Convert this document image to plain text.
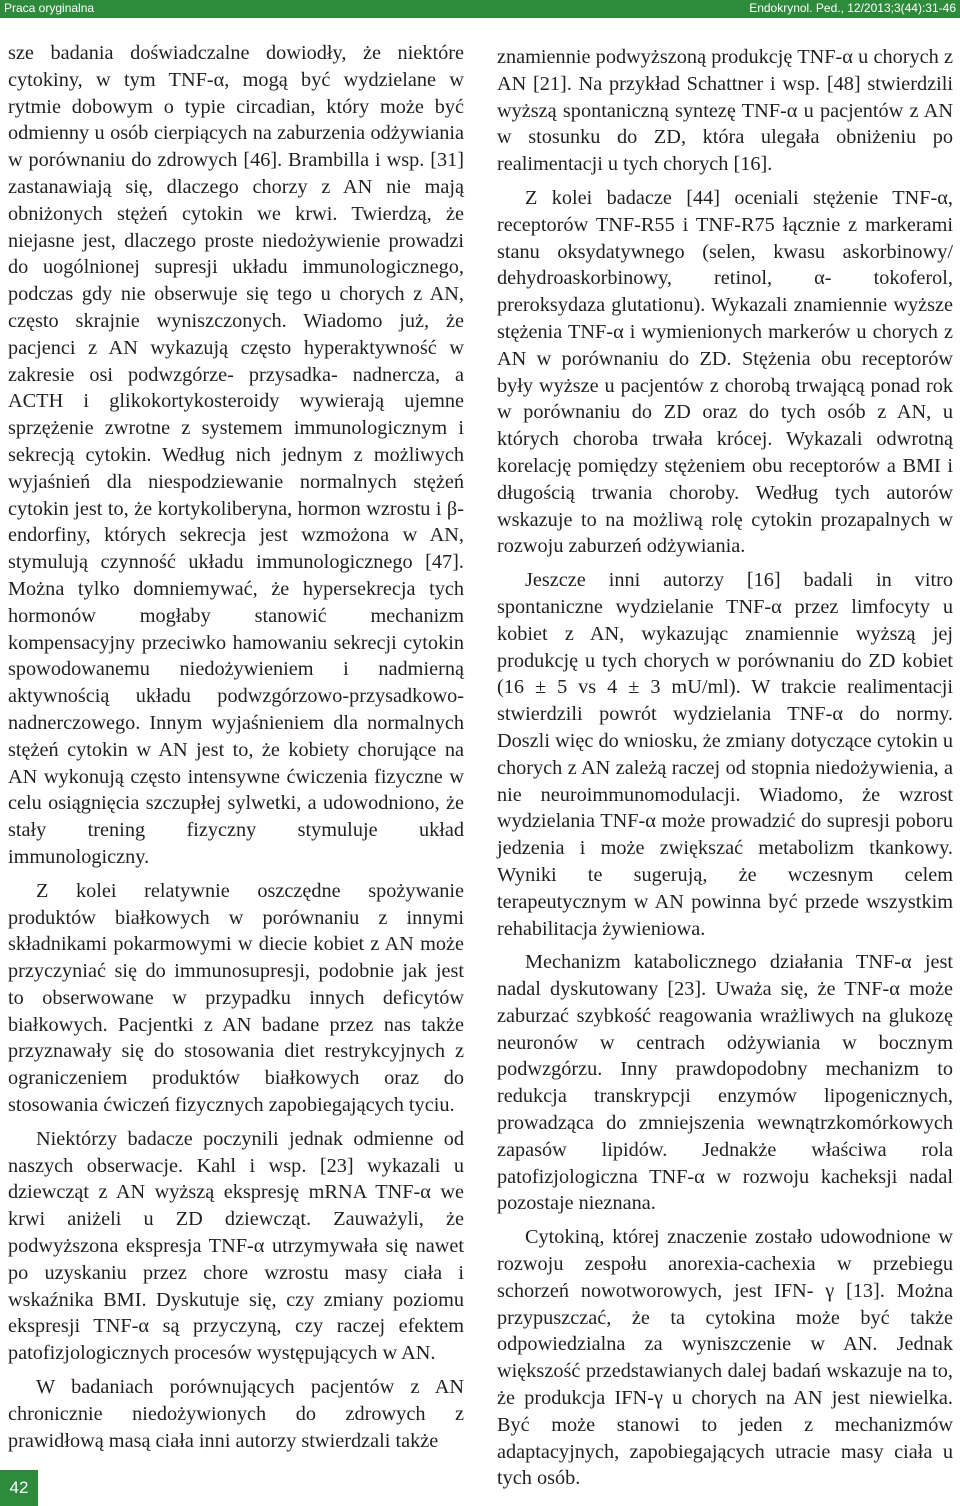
Praca oryginalna	Endokrynol. Ped., 12/2013;3(44):31-46

sze badania doświadczalne dowiodły, że niektóre cytokiny, w tym TNF-α, mogą być wydzielane w rytmie dobowym o typie circadian, który może być odmienny u osób cierpiących na zaburzenia odżywiania w porównaniu do zdrowych [46]. Brambilla i wsp. [31] zastanawiają się, dlaczego chorzy z AN nie mają obniżonych stężeń cytokin we krwi. Twierdzą, że niejasne jest, dlaczego proste niedożywienie prowadzi do uogólnionej supresji układu immunologicznego, podczas gdy nie obserwuje się tego u chorych z AN, często skrajnie wyniszczonych. Wiadomo już, że pacjenci z AN wykazują często hyperaktywność w zakresie osi podwzgórze- przysadka- nadnercza, a ACTH i glikokortykosteroidy wywierają ujemne sprzężenie zwrotne z systemem immunologicznym i sekrecją cytokin. Według nich jednym z możliwych wyjaśnień dla niespodziewanie normalnych stężeń cytokin jest to, że kortykoliberyna, hormon wzrostu i β- endorfiny, których sekrecja jest wzmożona w AN, stymulują czynność układu immunologicznego [47]. Można tylko domniemywać, że hypersekrecja tych hormonów mogłaby stanowić mechanizm kompensacyjny przeciwko hamowaniu sekrecji cytokin spowodowanemu niedożywieniem i nadmierną aktywnością układu podwzgórzowo-przysadkowo- nadnerczowego. Innym wyjaśnieniem dla normalnych stężeń cytokin w AN jest to, że kobiety chorujące na AN wykonują często intensywne ćwiczenia fizyczne w celu osiągnięcia szczupłej sylwetki, a udowodniono, że stały trening fizyczny stymuluje układ immunologiczny.

Z kolei relatywnie oszczędne spożywanie produktów białkowych w porównaniu z innymi składnikami pokarmowymi w diecie kobiet z AN może przyczyniać się do immunosupresji, podobnie jak jest to obserwowane w przypadku innych deficytów białkowych. Pacjentki z AN badane przez nas także przyznawały się do stosowania diet restrykcyjnych z ograniczeniem produktów białkowych oraz do stosowania ćwiczeń fizycznych zapobiegających tyciu.

Niektórzy badacze poczynili jednak odmienne od naszych obserwacje. Kahl i wsp. [23] wykazali u dziewcząt z AN wyższą ekspresję mRNA TNF-α we krwi aniżeli u ZD dziewcząt. Zauważyli, że podwyższona ekspresja TNF-α utrzymywała się nawet po uzyskaniu przez chore wzrostu masy ciała i wskaźnika BMI. Dyskutuje się, czy zmiany poziomu ekspresji TNF-α są przyczyną, czy raczej efektem patofizjologicznych procesów występujących w AN.

W badaniach porównujących pacjentów z AN chronicznie niedożywionych do zdrowych z prawidłową masą ciała inni autorzy stwierdzali także

znamiennie podwyższoną produkcję TNF-α u chorych z AN [21]. Na przykład Schattner i wsp. [48] stwierdzili wyższą spontaniczną syntezę TNF-α u pacjentów z AN w stosunku do ZD, która ulegała obniżeniu po realimentacji u tych chorych [16].

Z kolei badacze [44] oceniali stężenie TNF-α, receptorów TNF-R55 i TNF-R75 łącznie z markerami stanu oksydatywnego (selen, kwasu askorbinowy/ dehydroaskorbinowy, retinol, α- tokoferol, preroksydaza glutationu). Wykazali znamiennie wyższe stężenia TNF-α i wymienionych markerów u chorych z AN w porównaniu do ZD. Stężenia obu receptorów były wyższe u pacjentów z chorobą trwającą ponad rok w porównaniu do ZD oraz do tych osób z AN, u których choroba trwała krócej. Wykazali odwrotną korelację pomiędzy stężeniem obu receptorów a BMI i długością trwania choroby. Według tych autorów wskazuje to na możliwą rolę cytokin prozapalnych w rozwoju zaburzeń odżywiania.

Jeszcze inni autorzy [16] badali in vitro spontaniczne wydzielanie TNF-α przez limfocyty u kobiet z AN, wykazując znamiennie wyższą jej produkcję u tych chorych w porównaniu do ZD kobiet (16 ± 5 vs 4 ± 3 mU/ml). W trakcie realimentacji stwierdzili powrót wydzielania TNF-α do normy. Doszli więc do wniosku, że zmiany dotyczące cytokin u chorych z AN zależą raczej od stopnia niedożywienia, a nie neuroimmunomodulacji. Wiadomo, że wzrost wydzielania TNF-α może prowadzić do supresji poboru jedzenia i może zwiększać metabolizm tkankowy. Wyniki te sugerują, że wczesnym celem terapeutycznym w AN powinna być przede wszystkim rehabilitacja żywieniowa.

Mechanizm katabolicznego działania TNF-α jest nadal dyskutowany [23]. Uważa się, że TNF-α może zaburzać szybkość reagowania wrażliwych na glukozę neuronów w centrach odżywiania w bocznym podwzgórzu. Inny prawdopodobny mechanizm to redukcja transkrypcji enzymów lipogenicznych, prowadząca do zmniejszenia wewnątrzkomórkowych zapasów lipidów. Jednakże właściwa rola patofizjologiczna TNF-α w rozwoju kacheksji nadal pozostaje nieznana.

Cytokiną, której znaczenie zostało udowodnione w rozwoju zespołu anorexia-cachexia w przebiegu schorzeń nowotworowych, jest IFN- γ [13]. Można przypuszczać, że ta cytokina może być także odpowiedzialna za wyniszczenie w AN. Jednak większość przedstawianych dalej badań wskazuje na to, że produkcja IFN-γ u chorych na AN jest niewielka. Być może stanowi to jeden z mechanizmów adaptacyjnych, zapobiegających utracie masy ciała u tych osób.

42
